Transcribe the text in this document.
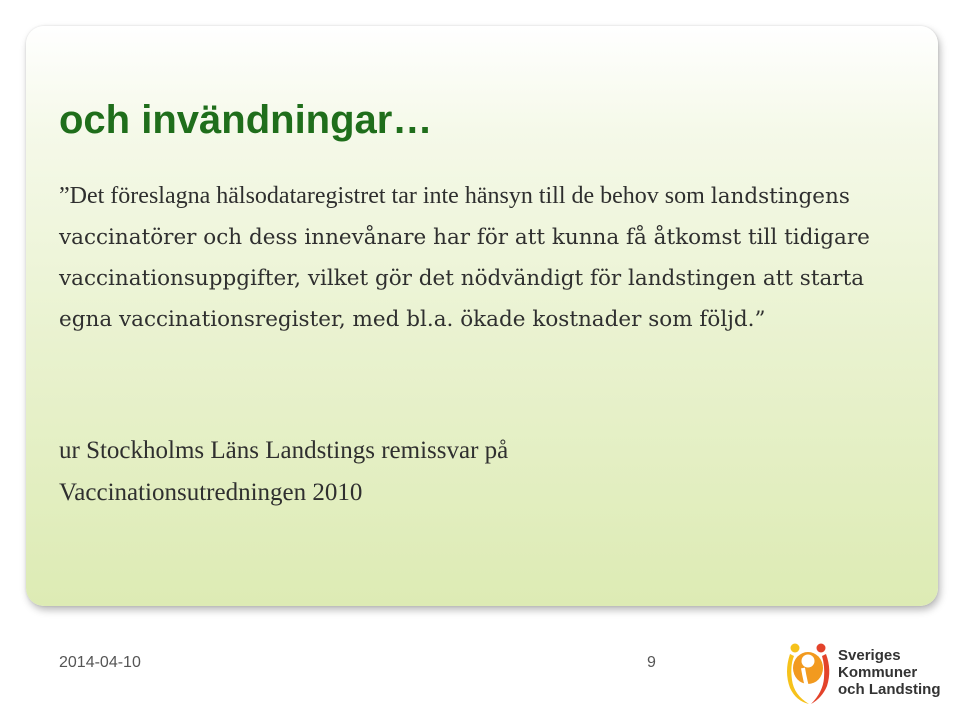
och invändningar…

”Det föreslagna hälsodataregistret tar inte hänsyn till de behov som landstingens vaccinatörer och dess innevånare har för att kunna få åtkomst till tidigare vaccinationsuppgifter, vilket gör det nödvändigt för landstingen att starta egna vaccinationsregister, med bl.a. ökade kostnader som följd.”

ur Stockholms Läns Landstings remissvar på
Vaccinationsutredningen 2010

2014-04-10	9	Sveriges
Kommuner
och Landsting
